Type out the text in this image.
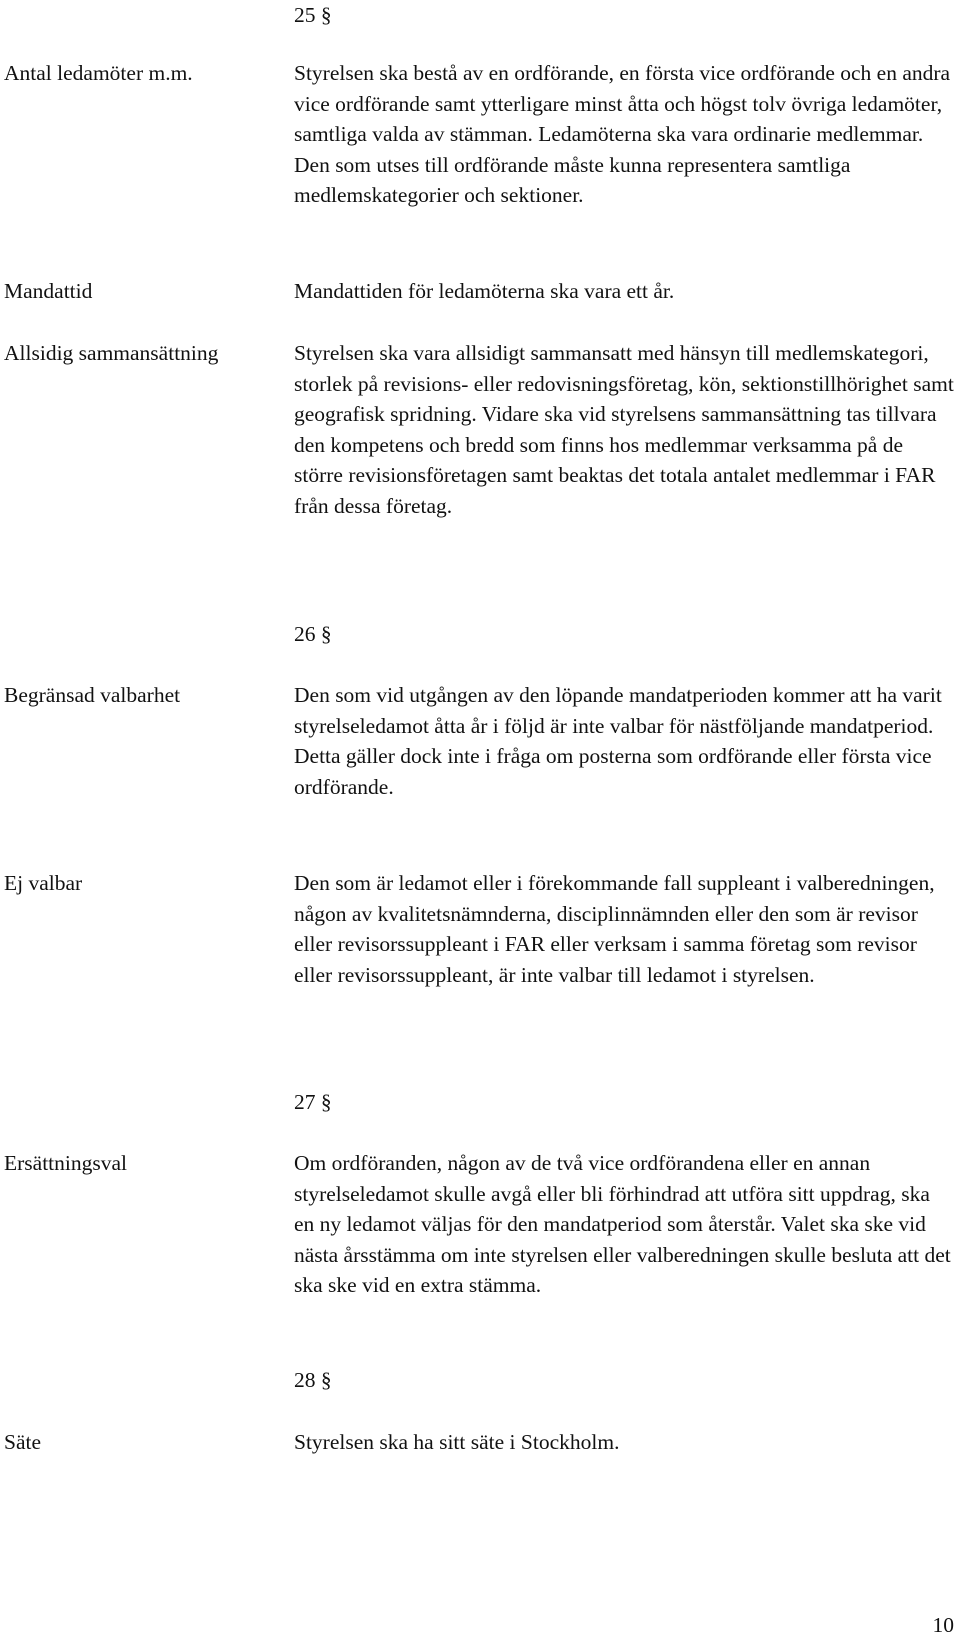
25 §
Antal ledamöter m.m.	Styrelsen ska bestå av en ordförande, en första vice ordförande och en andra vice ordförande samt ytterligare minst åtta och högst tolv övriga ledamöter, samtliga valda av stämman. Ledamöterna ska vara ordinarie medlemmar. Den som utses till ordförande måste kunna representera samtliga medlemskategorier och sektioner.

Mandattid	Mandattiden för ledamöterna ska vara ett år.

Allsidig sammansättning	Styrelsen ska vara allsidigt sammansatt med hänsyn till medlemskategori, storlek på revisions- eller redovisningsföretag, kön, sektionstillhörighet samt geografisk spridning. Vidare ska vid styrelsens sammansättning tas tillvara den kompetens och bredd som finns hos medlemmar verksamma på de större revisionsföretagen samt beaktas det totala antalet medlemmar i FAR från dessa företag.

26 §
Begränsad valbarhet	Den som vid utgången av den löpande mandatperioden kommer att ha varit styrelseledamot åtta år i följd är inte valbar för nästföljande mandatperiod. Detta gäller dock inte i fråga om posterna som ordförande eller första vice ordförande.

Ej valbar	Den som är ledamot eller i förekommande fall suppleant i valberedningen, någon av kvalitetsnämnderna, disciplinnämnden eller den som är revisor eller revisorssuppleant i FAR eller verksam i samma företag som revisor eller revisorssuppleant, är inte valbar till ledamot i styrelsen.

27 §
Ersättningsval	Om ordföranden, någon av de två vice ordförandena eller en annan styrelseledamot skulle avgå eller bli förhindrad att utföra sitt uppdrag, ska en ny ledamot väljas för den mandatperiod som återstår. Valet ska ske vid nästa årsstämma om inte styrelsen eller valberedningen skulle besluta att det ska ske vid en extra stämma.

28 §
Säte	Styrelsen ska ha sitt säte i Stockholm.

10
